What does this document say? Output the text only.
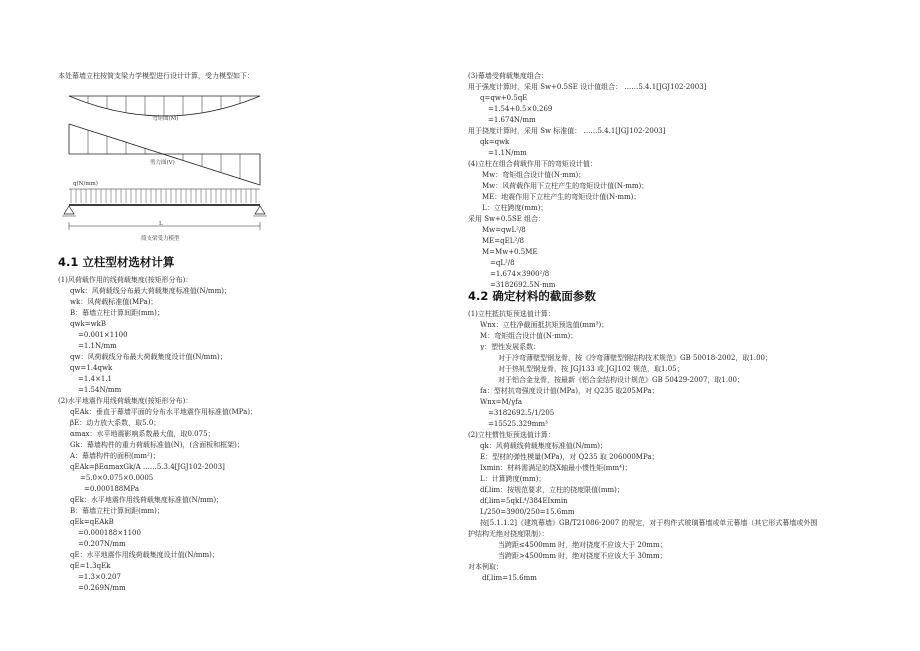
本处幕墙立柱按简支梁力学模型进行设计计算，受力模型如下：
弯矩图(M)
剪力图(V)
q(N/mm)
L
简支梁受力模型
4.1 立柱型材选材计算
(1)风荷载作用的线荷载集度(按矩形分布)：
qwk：风荷载线分布最大荷载集度标准值(N/mm)；
wk：风荷载标准值(MPa)；
B：幕墙立柱计算间距(mm)；
qwk=wkB
=0.001×1100
=1.1N/mm
qw：风荷载线分布最大荷载集度设计值(N/mm)；
qw=1.4qwk
=1.4×1.1
=1.54N/mm
(2)水平地震作用线荷载集度(按矩形分布)：
qEAk：垂直于幕墙平面的分布水平地震作用标准值(MPa)；
βE：动力放大系数，取5.0；
αmax：水平地震影响系数最大值，取0.075；
Gk：幕墙构件的重力荷载标准值(N)，(含面板和框架)；
A：幕墙构件的面积(mm²)；
qEAk=βEαmaxGk/A ……5.3.4[JGJ102-2003]
=5.0×0.075×0.0005
=0.000188MPa
qEk：水平地震作用线荷载集度标准值(N/mm)；
B：幕墙立柱计算间距(mm)；
qEk=qEAkB
=0.000188×1100
=0.207N/mm
qE：水平地震作用线荷载集度设计值(N/mm)；
qE=1.3qEk
=1.3×0.207
=0.269N/mm
(3)幕墙受荷载集度组合：
用于强度计算时，采用 Sw+0.5SE 设计值组合： ……5.4.1[JGJ102-2003]
q=qw+0.5qE
=1.54+0.5×0.269
=1.674N/mm
用于挠度计算时，采用 Sw 标准值： ……5.4.1[JGJ102-2003]
qk=qwk
=1.1N/mm
(4)立柱在组合荷载作用下的弯矩设计值：
Mw：弯矩组合设计值(N·mm)；
Mw：风荷载作用下立柱产生的弯矩设计值(N·mm)；
ME：地震作用下立柱产生的弯矩设计值(N·mm)；
L：立柱跨度(mm)；
采用 Sw+0.5SE 组合：
Mw=qwL²/8
ME=qEL²/8
M=Mw+0.5ME
=qL²/8
=1.674×3900²/8
=3182692.5N·mm
4.2 确定材料的截面参数
(1)立柱抵抗矩预选值计算：
Wnx：立柱净截面抵抗矩预选值(mm³)；
M：弯矩组合设计值(N·mm)；
γ：塑性发展系数：
对于冷弯薄壁型钢龙骨，按《冷弯薄壁型钢结构技术规范》GB 50018-2002，取1.00；
对于热轧型钢龙骨，按 JGJ133 或 JGJ102 规范，取1.05；
对于铝合金龙骨，按最新《铝合金结构设计规范》GB 50429-2007，取1.00；
fa：型材抗弯强度设计值(MPa)，对 Q235 取205MPa；
Wnx=M/γfa
=3182692.5/1/205
=15525.329mm³
(2)立柱惯性矩预选值计算：
qk：风荷载线荷载集度标准值(N/mm)；
E：型材的弹性模量(MPa)，对 Q235 取 206000MPa；
Ixmin：材料需满足的绕X轴最小惯性矩(mm⁴)；
L：计算跨度(mm)；
df,lim：按规范要求，立柱的挠度限值(mm)；
df,lim=5qkL⁴/384EIxmin
L/250=3900/250=15.6mm
按[5.1.1.2]《建筑幕墙》GB/T21086-2007 的规定，对于构件式玻璃幕墙或单元幕墙（其它形式幕墙或外围
护结构无绝对挠度限制）：
当跨距≤4500mm 时，绝对挠度不应该大于 20mm；
当跨距>4500mm 时，绝对挠度不应该大于 30mm；
对本例取：
df,lim=15.6mm
